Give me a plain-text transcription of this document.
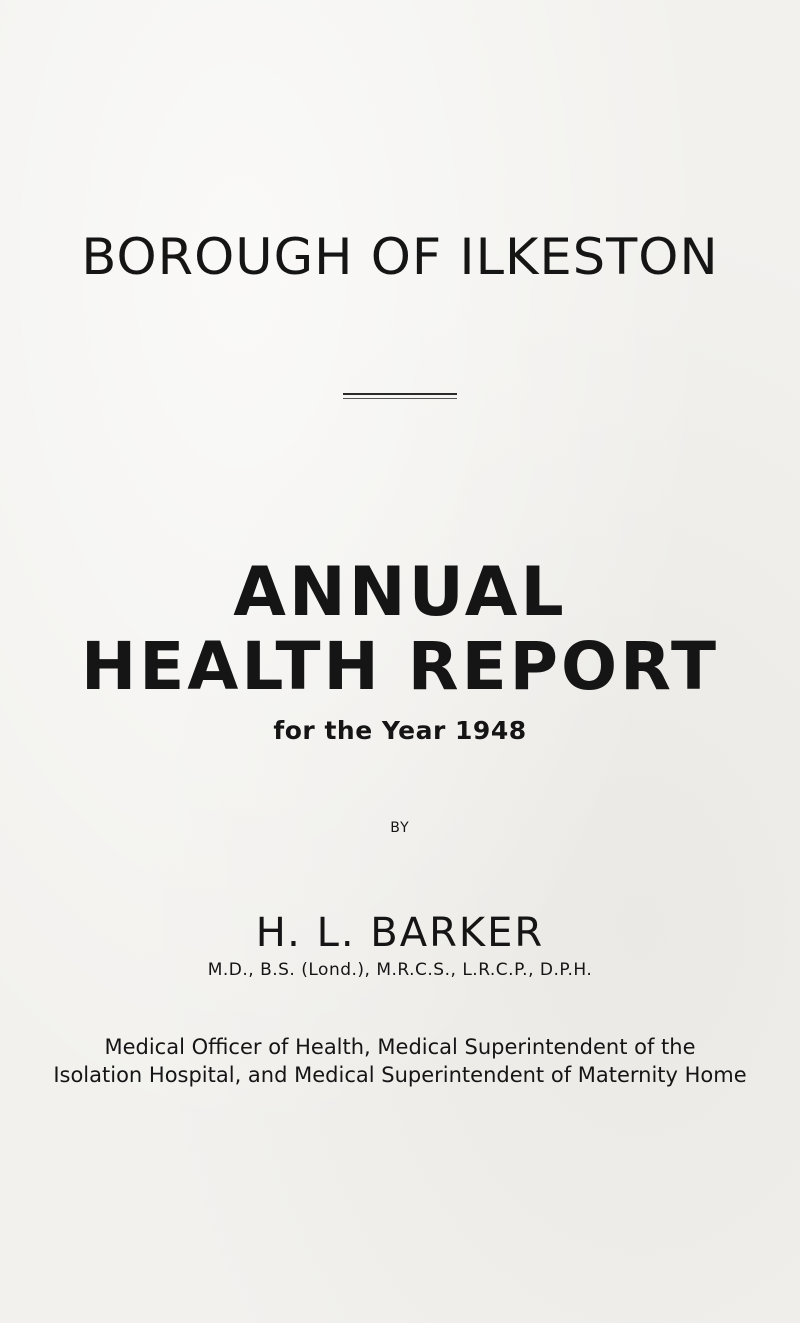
BOROUGH OF ILKESTON
ANNUAL
HEALTH REPORT
for the Year 1948
BY
H. L. BARKER
M.D., B.S. (Lond.), M.R.C.S., L.R.C.P., D.P.H.
Medical Officer of Health, Medical Superintendent of the
Isolation Hospital, and Medical Superintendent of Maternity Home
